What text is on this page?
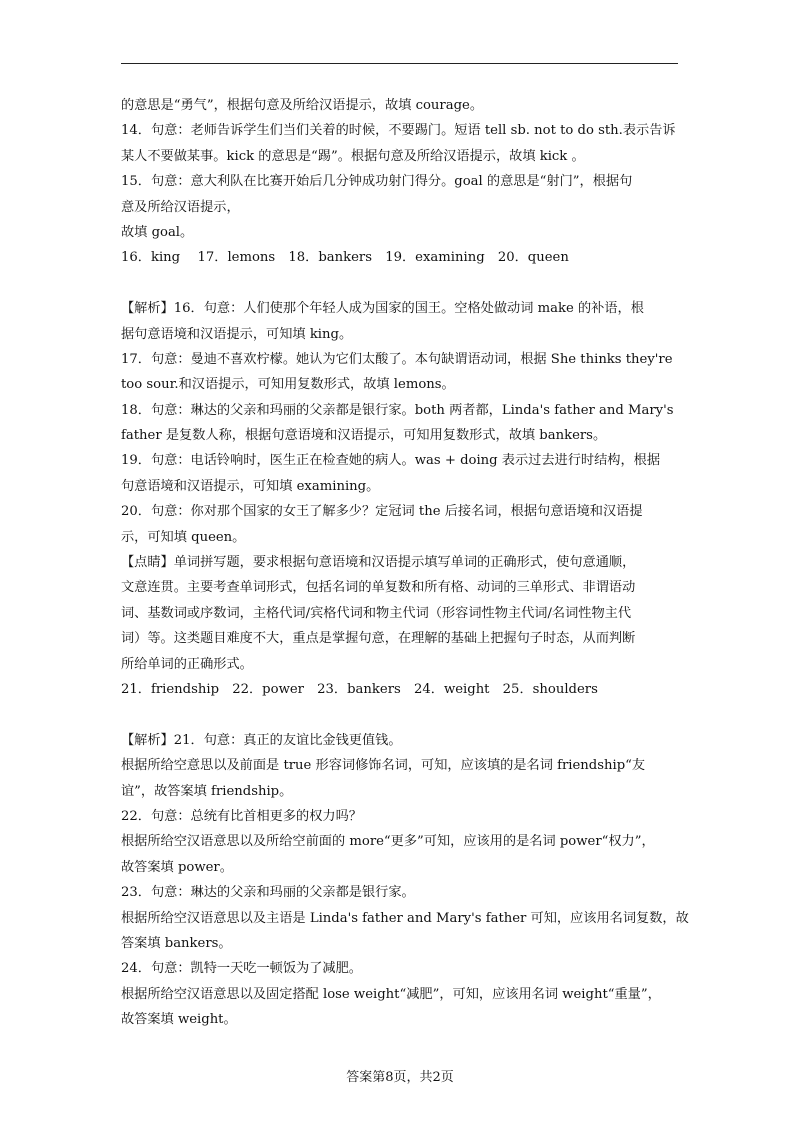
的意思是“勇气”，根据句意及所给汉语提示，故填 courage。
14．句意：老师告诉学生们当们关着的时候，不要踢门。短语 tell sb. not to do sth.表示告诉
某人不要做某事。kick 的意思是“踢”。根据句意及所给汉语提示，故填 kick 。
15．句意：意大利队在比赛开始后几分钟成功射门得分。goal 的意思是“射门”，根据句
意及所给汉语提示，
故填 goal。
16．king　 17．lemons　18．bankers　19．examining　20．queen
【解析】16．句意：人们使那个年轻人成为国家的国王。空格处做动词 make 的补语，根
据句意语境和汉语提示，可知填 king。
17．句意：曼迪不喜欢柠檬。她认为它们太酸了。本句缺谓语动词，根据 She thinks they're
too sour.和汉语提示，可知用复数形式，故填 lemons。
18．句意：琳达的父亲和玛丽的父亲都是银行家。both 两者都，Linda's father and Mary's
father 是复数人称，根据句意语境和汉语提示，可知用复数形式，故填 bankers。
19．句意：电话铃响时，医生正在检查她的病人。was + doing 表示过去进行时结构，根据
句意语境和汉语提示，可知填 examining。
20．句意：你对那个国家的女王了解多少？定冠词 the 后接名词，根据句意语境和汉语提
示，可知填 queen。
【点睛】单词拼写题，要求根据句意语境和汉语提示填写单词的正确形式，使句意通顺，
文意连贯。主要考查单词形式，包括名词的单复数和所有格、动词的三单形式、非谓语动
词、基数词或序数词，主格代词/宾格代词和物主代词（形容词性物主代词/名词性物主代
词）等。这类题目难度不大，重点是掌握句意，在理解的基础上把握句子时态，从而判断
所给单词的正确形式。
21．friendship　22．power　23．bankers　24．weight　25．shoulders
【解析】21．句意：真正的友谊比金钱更值钱。
根据所给空意思以及前面是 true 形容词修饰名词，可知，应该填的是名词 friendship“友
谊”，故答案填 friendship。
22．句意：总统有比首相更多的权力吗？
根据所给空汉语意思以及所给空前面的 more“更多”可知，应该用的是名词 power“权力”，
故答案填 power。
23．句意：琳达的父亲和玛丽的父亲都是银行家。
根据所给空汉语意思以及主语是 Linda's father and Mary's father 可知，应该用名词复数，故
答案填 bankers。
24．句意：凯特一天吃一顿饭为了减肥。
根据所给空汉语意思以及固定搭配 lose weight“减肥”，可知，应该用名词 weight“重量”，
故答案填 weight。
答案第8页，共2页
